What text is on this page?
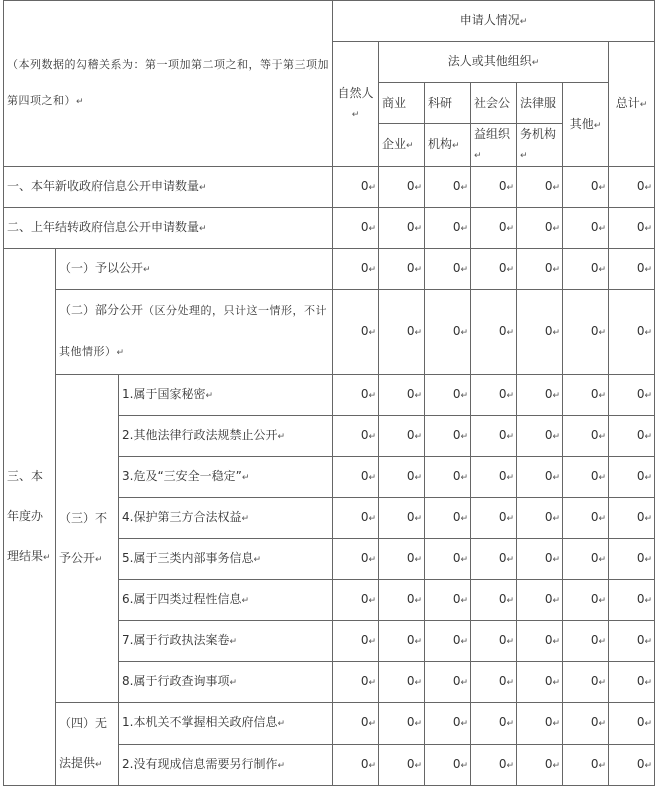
（本列数据的勾稽关系为：第一项加第二项之和，等于第三项加第四项之和）↵			申请人情况↵						
			自然人↵	法人或其他组织↵					总计↵
				商业	科研	社会公	法律服	其他↵	
				企业↵	机构↵	益组织↵	务机构↵		
一、本年新收政府信息公开申请数量↵			0↵	0↵	0↵	0↵	0↵	0↵	0↵
二、上年结转政府信息公开申请数量↵			0↵	0↵	0↵	0↵	0↵	0↵	0↵
三、本年度办理结果↵	（一）予以公开↵		0↵	0↵	0↵	0↵	0↵	0↵	0↵
	（二）部分公开（区分处理的，只计这一情形，不计其他情形）↵		0↵	0↵	0↵	0↵	0↵	0↵	0↵
	（三）不予公开↵	1.属于国家秘密↵	0↵	0↵	0↵	0↵	0↵	0↵	0↵
		2.其他法律行政法规禁止公开↵	0↵	0↵	0↵	0↵	0↵	0↵	0↵
		3.危及“三安全一稳定”↵	0↵	0↵	0↵	0↵	0↵	0↵	0↵
		4.保护第三方合法权益↵	0↵	0↵	0↵	0↵	0↵	0↵	0↵
		5.属于三类内部事务信息↵	0↵	0↵	0↵	0↵	0↵	0↵	0↵
		6.属于四类过程性信息↵	0↵	0↵	0↵	0↵	0↵	0↵	0↵
		7.属于行政执法案卷↵	0↵	0↵	0↵	0↵	0↵	0↵	0↵
		8.属于行政查询事项↵	0↵	0↵	0↵	0↵	0↵	0↵	0↵
	（四）无法提供↵	1.本机关不掌握相关政府信息↵	0↵	0↵	0↵	0↵	0↵	0↵	0↵
		2.没有现成信息需要另行制作↵	0↵	0↵	0↵	0↵	0↵	0↵	0↵
